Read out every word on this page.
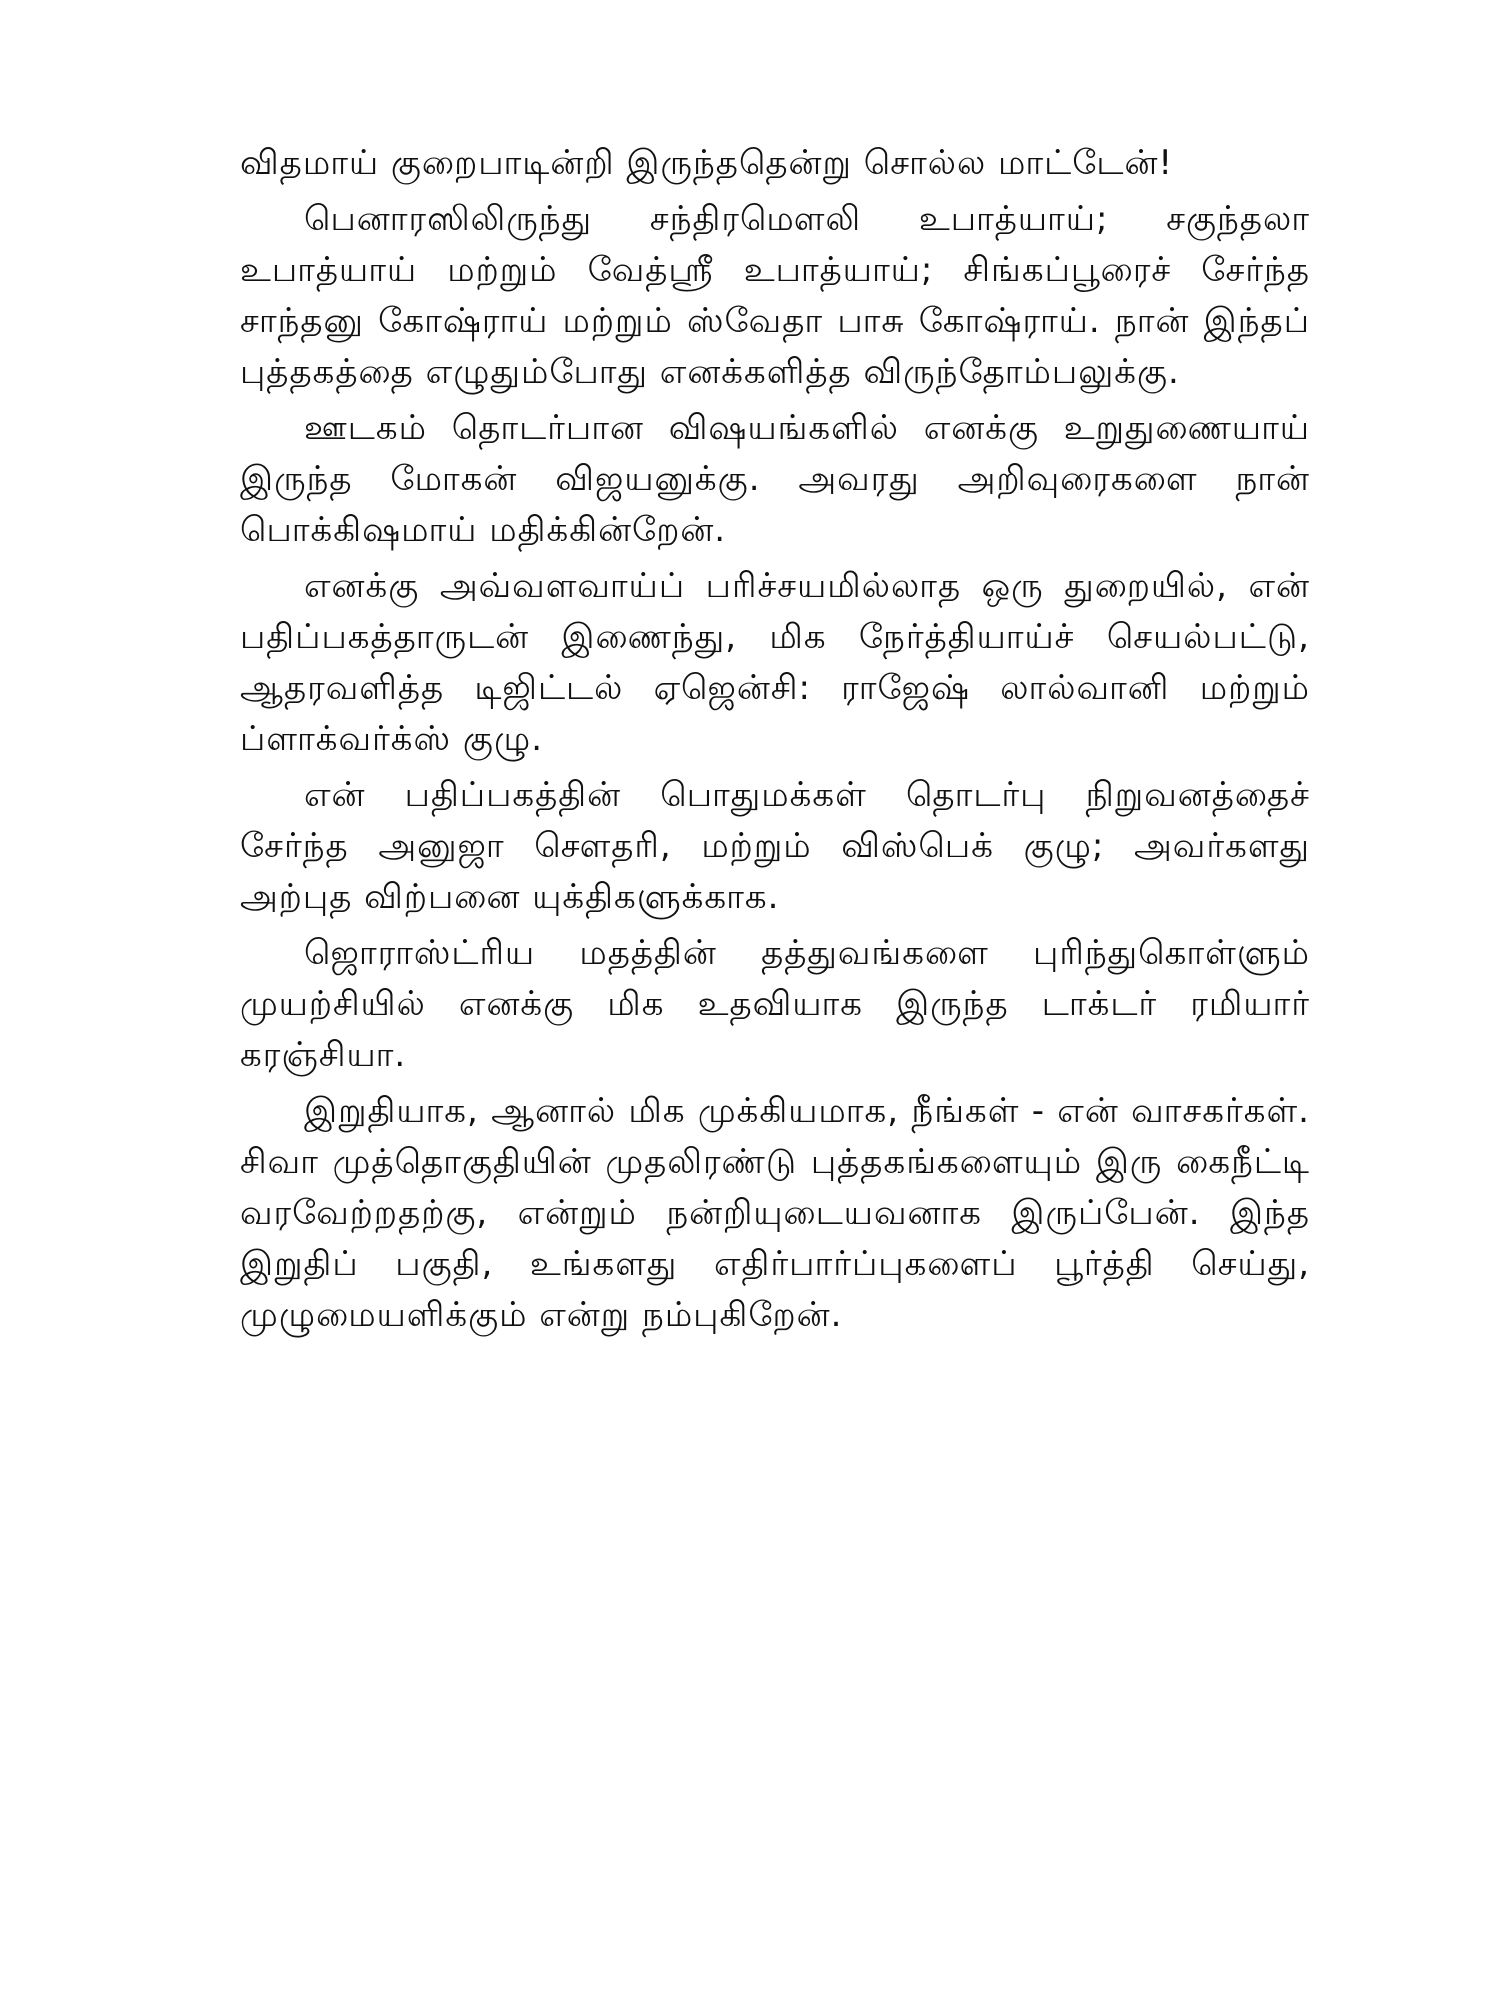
விதமாய் குறைபாடின்றி இருந்ததென்று சொல்ல மாட்டேன்!

பெனாரஸிலிருந்து சந்திரமௌலி உபாத்யாய்; சகுந்தலா உபாத்யாய் மற்றும் வேத்ஸ்ரீ உபாத்யாய்; சிங்கப்பூரைச் சேர்ந்த சாந்தனு கோஷ்ராய் மற்றும் ஸ்வேதா பாசு கோஷ்ராய். நான் இந்தப் புத்தகத்தை எழுதும்போது எனக்களித்த விருந்தோம்பலுக்கு.

ஊடகம் தொடர்பான விஷயங்களில் எனக்கு உறுதுணையாய் இருந்த மோகன் விஜயனுக்கு. அவரது அறிவுரைகளை நான் பொக்கிஷமாய் மதிக்கின்றேன்.

எனக்கு அவ்வளவாய்ப் பரிச்சயமில்லாத ஒரு துறையில், என் பதிப்பகத்தாருடன் இணைந்து, மிக நேர்த்தியாய்ச் செயல்பட்டு, ஆதரவளித்த டிஜிட்டல் ஏஜென்சி: ராஜேஷ் லால்வானி மற்றும் ப்ளாக்வர்க்ஸ் குழு.

என் பதிப்பகத்தின் பொதுமக்கள் தொடர்பு நிறுவனத்தைச் சேர்ந்த அனுஜா சௌதரி, மற்றும் விஸ்பெக் குழு; அவர்களது அற்புத விற்பனை யுக்திகளுக்காக.

ஜொராஸ்ட்ரிய மதத்தின் தத்துவங்களை புரிந்துகொள்ளும் முயற்சியில் எனக்கு மிக உதவியாக இருந்த டாக்டர் ரமியார் கரஞ்சியா.

இறுதியாக, ஆனால் மிக முக்கியமாக, நீங்கள் - என் வாசகர்கள். சிவா முத்தொகுதியின் முதலிரண்டு புத்தகங்களையும் இரு கைநீட்டி வரவேற்றதற்கு, என்றும் நன்றியுடையவனாக இருப்பேன். இந்த இறுதிப் பகுதி, உங்களது எதிர்பார்ப்புகளைப் பூர்த்தி செய்து, முழுமையளிக்கும் என்று நம்புகிறேன்.
